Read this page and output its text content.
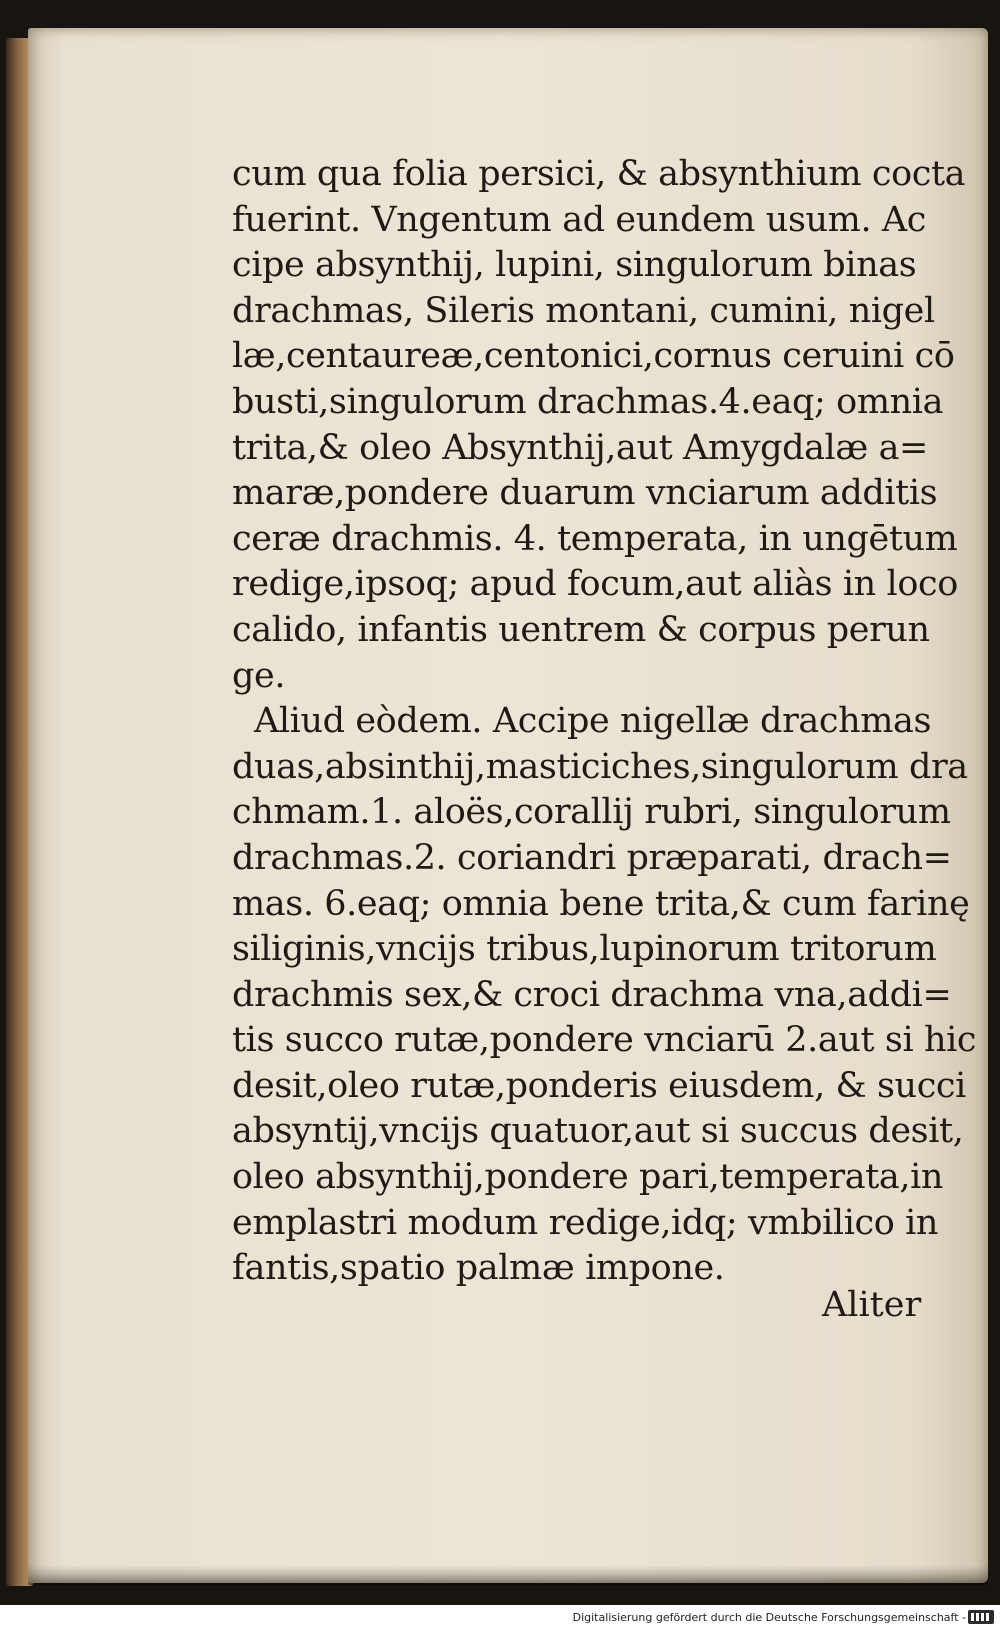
cum qua folia persici, & absynthium cocta
fuerint. Vngentum ad eundem usum. Ac
cipe absynthij, lupini, singulorum binas
drachmas, Sileris montani, cumini, nigel
læ,centaureæ,centonici,cornus ceruini cō
busti,singulorum drachmas.4.eaq; omnia
trita,& oleo Absynthij,aut Amygdalæ a=
maræ,pondere duarum vnciarum additis
ceræ drachmis. 4. temperata, in ungētum
redige,ipsoq; apud focum,aut aliàs in loco
calido, infantis uentrem & corpus perun
ge.
Aliud eòdem. Accipe nigellæ drachmas
duas,absinthij,masticiches,singulorum dra
chmam.1. aloës,corallij rubri, singulorum
drachmas.2. coriandri præparati, drach=
mas. 6.eaq; omnia bene trita,& cum farinę
siliginis,vncijs tribus,lupinorum tritorum
drachmis sex,& croci drachma vna,addi=
tis succo rutæ,pondere vnciarū 2.aut si hic
desit,oleo rutæ,ponderis eiusdem, & succi
absyntij,vncijs quatuor,aut si succus desit,
oleo absynthij,pondere pari,temperata,in
emplastri modum redige,idq; vmbilico in
fantis,spatio palmæ impone.
Aliter
Digitalisierung gefördert durch die Deutsche Forschungsgemeinschaft -
